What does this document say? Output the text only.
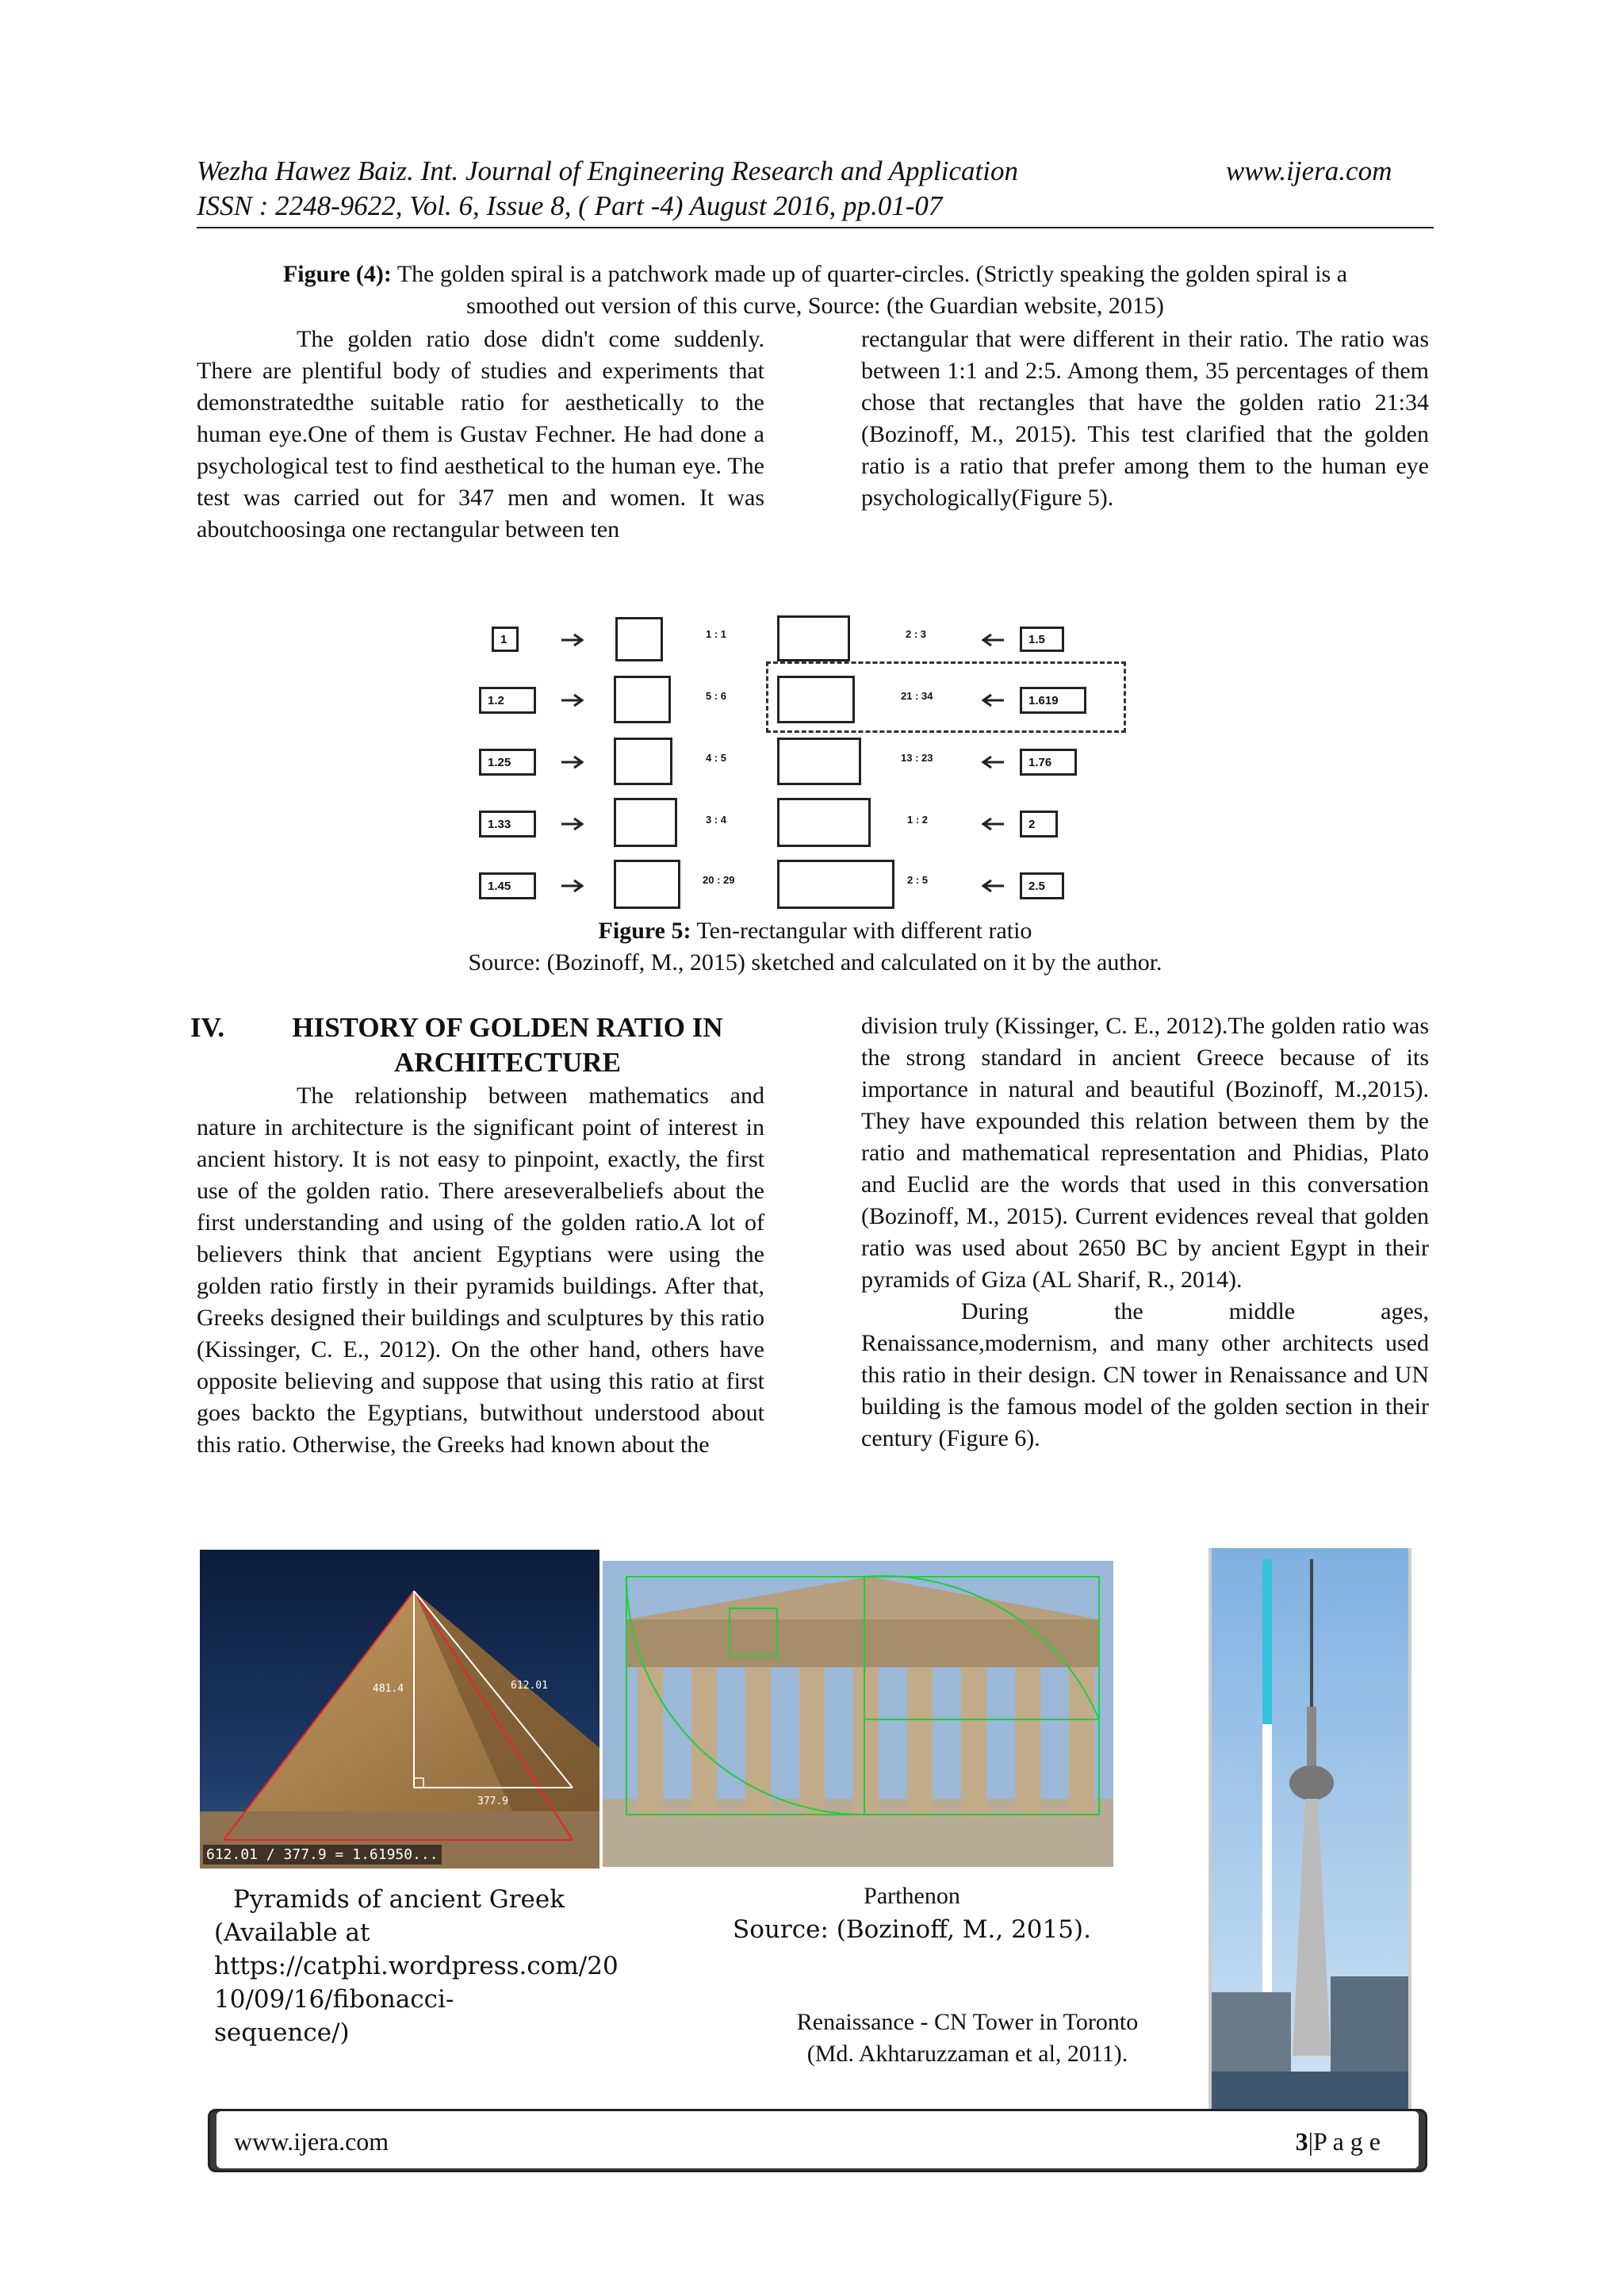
Wezha Hawez Baiz. Int. Journal of Engineering Research and Application	www.ijera.com
ISSN : 2248-9622, Vol. 6, Issue 8, ( Part -4) August 2016, pp.01-07
Figure (4): The golden spiral is a patchwork made up of quarter-circles. (Strictly speaking the golden spiral is a
smoothed out version of this curve, Source: (the Guardian website, 2015)

The golden ratio dose didn't come suddenly. There are plentiful body of studies and experiments that demonstratedthe suitable ratio for aesthetically to the human eye.One of them is Gustav Fechner. He had done a psychological test to find aesthetical to the human eye. The test was carried out for 347 men and women. It was aboutchoosinga one rectangular between ten

rectangular that were different in their ratio. The ratio was between 1:1 and 2:5. Among them, 35 percentages of them chose that rectangles that have the golden ratio 21:34 (Bozinoff, M., 2015). This test clarified that the golden ratio is a ratio that prefer among them to the human eye psychologically(Figure 5).

1	1 : 1	2 : 3	1.5
1.2	5 : 6	21 : 34	1.619
1.25	4 : 5	13 : 23	1.76
1.33	3 : 4	1 : 2	2
1.45	20 : 29	2 : 5	2.5
Figure 5: Ten-rectangular with different ratio
Source: (Bozinoff, M., 2015) sketched and calculated on it by the author.
IV.	HISTORY OF GOLDEN RATIO IN
ARCHITECTURE

The relationship between mathematics and nature in architecture is the significant point of interest in ancient history. It is not easy to pinpoint, exactly, the first use of the golden ratio. There areseveralbeliefs about the first understanding and using of the golden ratio.A lot of believers think that ancient Egyptians were using the golden ratio firstly in their pyramids buildings. After that, Greeks designed their buildings and sculptures by this ratio (Kissinger, C. E., 2012). On the other hand, others have opposite believing and suppose that using this ratio at first goes backto the Egyptians, butwithout understood about this ratio. Otherwise, the Greeks had known about the

division truly (Kissinger, C. E., 2012).The golden ratio was the strong standard in ancient Greece because of its importance in natural and beautiful (Bozinoff, M.,2015). They have expounded this relation between them by the ratio and mathematical representation and Phidias, Plato and Euclid are the words that used in this conversation (Bozinoff, M., 2015). Current evidences reveal that golden ratio was used about 2650 BC by ancient Egypt in their pyramids of Giza (AL Sharif, R., 2014).

During the middle ages, Renaissance,modernism, and many other architects used this ratio in their design. CN tower in Renaissance and UN building is the famous model of the golden section in their century (Figure 6).

481.4	612.01
377.9
612.01 / 377.9 = 1.61950...
Pyramids of ancient Greek
(Available at
https://catphi.wordpress.com/20
10/09/16/fibonacci-sequence/)
Parthenon
Source: (Bozinoff, M., 2015).
Renaissance - CN Tower in Toronto
(Md. Akhtaruzzaman et al, 2011).
www.ijera.com	3|P a g e
